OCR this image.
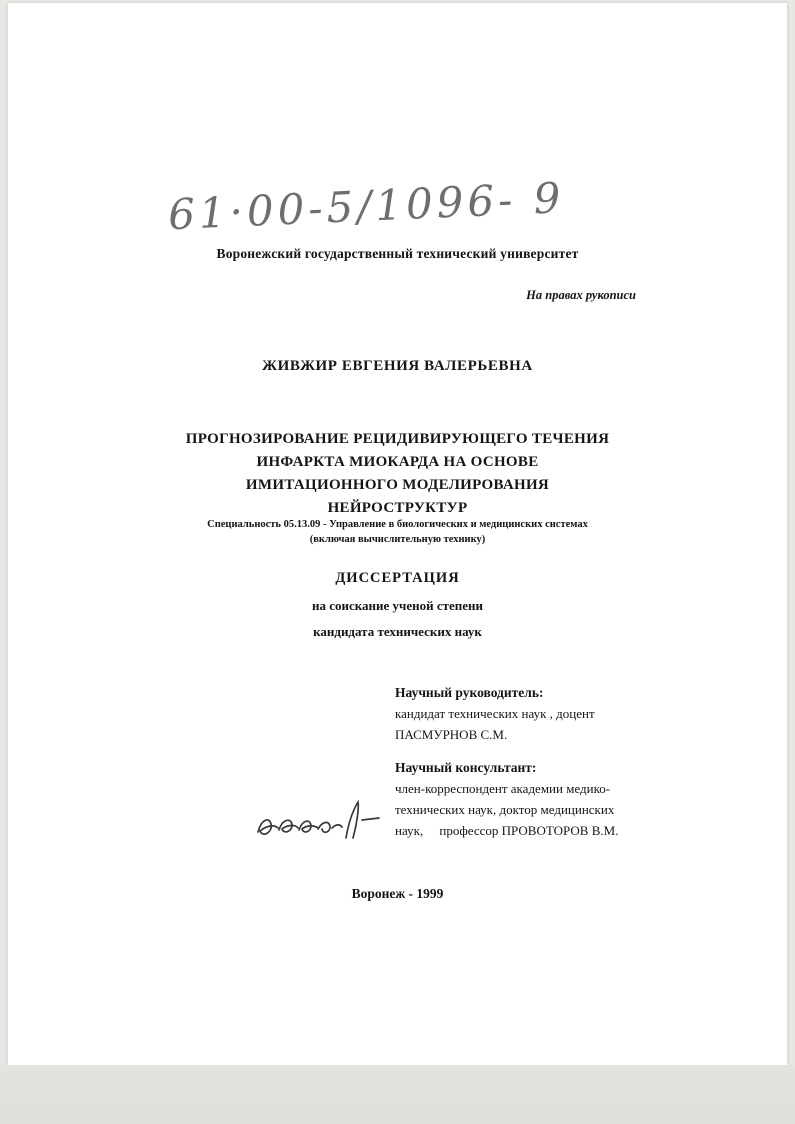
61·00-5/1096- 9
Воронежский государственный технический университет
На правах рукописи
ЖИВЖИР ЕВГЕНИЯ ВАЛЕРЬЕВНА
ПРОГНОЗИРОВАНИЕ РЕЦИДИВИРУЮЩЕГО ТЕЧЕНИЯ
ИНФАРКТА МИОКАРДА НА ОСНОВЕ
ИМИТАЦИОННОГО МОДЕЛИРОВАНИЯ
НЕЙРОСТРУКТУР
Специальность 05.13.09 - Управление в биологических и медицинских системах
(включая вычислительную технику)
ДИССЕРТАЦИЯ
на соискание ученой степени
кандидата технических наук
Научный руководитель:
кандидат технических наук , доцент
ПАСМУРНОВ С.М.
Научный консультант:
член-корреспондент академии медико-
технических наук, доктор медицинских
наук,     профессор ПРОВОТОРОВ В.М.
Воронеж - 1999
